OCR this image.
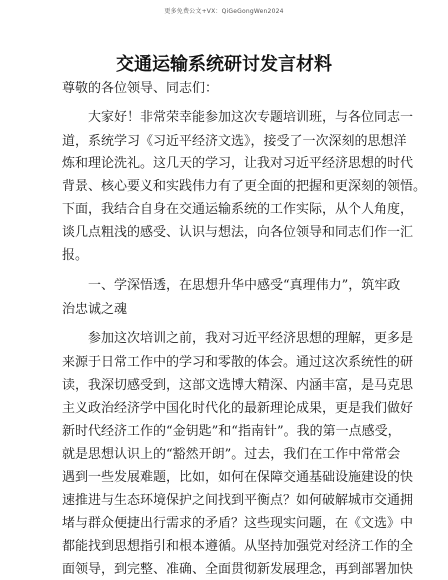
更多免费公文+VX：QiGeGongWen2024
交通运输系统研讨发言材料
尊敬的各位领导、同志们：
大家好！非常荣幸能参加这次专题培训班，与各位同志一
道，系统学习《习近平经济文选》，接受了一次深刻的思想洋
炼和理论洗礼。这几天的学习，让我对习近平经济思想的时代
背景、核心要义和实践伟力有了更全面的把握和更深刻的领悟。
下面，我结合自身在交通运输系统的工作实际，从个人角度，
谈几点粗浅的感受、认识与想法，向各位领导和同志们作一汇
报。
一、学深悟透，在思想升华中感受“真理伟力”，筑牢政
治忠诚之魂
参加这次培训之前，我对习近平经济思想的理解，更多是
来源于日常工作中的学习和零散的体会。通过这次系统性的研
读，我深切感受到，这部文选博大精深、内涵丰富，是马克思
主义政治经济学中国化时代化的最新理论成果，更是我们做好
新时代经济工作的“金钥匙”和“指南针”。我的第一点感受，
就是思想认识上的“豁然开朗”。过去，我们在工作中常常会
遇到一些发展难题，比如，如何在保障交通基础设施建设的快
速推进与生态环境保护之间找到平衡点？如何破解城市交通拥
堵与群众便捷出行需求的矛盾？这些现实问题，在《文选》中
都能找到思想指引和根本遵循。从坚持加强党对经济工作的全
面领导，到完整、准确、全面贯彻新发展理念，再到部署加快
